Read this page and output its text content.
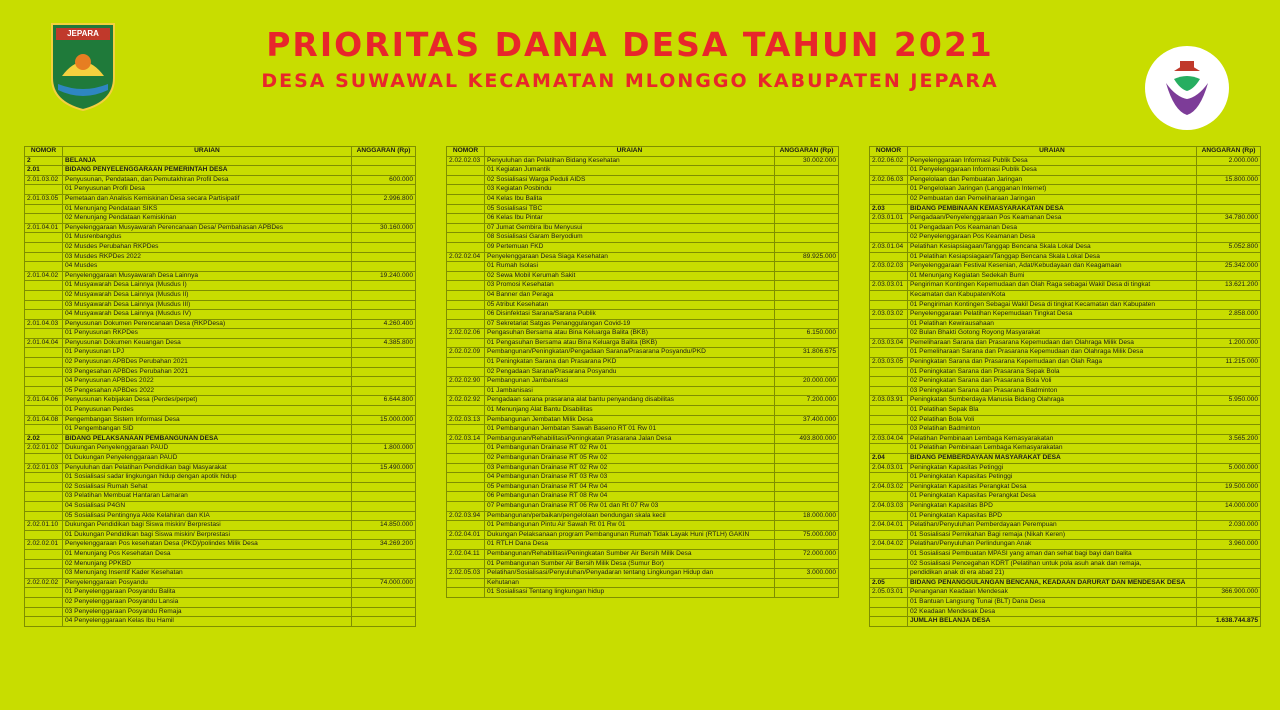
JEPARA	PRIORITAS DANA DESA TAHUN 2021
DESA SUWAWAL KECAMATAN MLONGGO KABUPATEN JEPARA
NOMOR	URAIAN	ANGGARAN (Rp)
2	BELANJA	
2.01	BIDANG PENYELENGGARAAN PEMERINTAH DESA	
2.01.03.02	Penyusunan, Pendataan, dan Pemutakhiran Profil Desa	600.000
	01 Penyusunan Profil Desa	
2.01.03.05	Pemetaan dan Analisis Kemiskinan Desa secara Partisipatif	2.996.800
	01 Menunjang Pendataan SIKS	
	02 Menunjang Pendataan Kemiskinan	
2.01.04.01	Penyelenggaraan Musyawarah Perencanaan Desa/ Pembahasan APBDes	30.160.000
	01 Musrenbangdus	
	02 Musdes Perubahan RKPDes	
	03 Musdes RKPDes 2022	
	04 Musdes	
2.01.04.02	Penyelenggaraan Musyawarah Desa Lainnya	19.240.000
	01 Musyawarah Desa Lainnya (Musdus I)	
	02 Musyawarah Desa Lainnya (Musdus II)	
	03 Musyawarah Desa Lainnya (Musdus III)	
	04 Musyawarah Desa Lainnya (Musdus IV)	
2.01.04.03	Penyusunan Dokumen Perencanaan Desa (RKPDesa)	4.260.400
	01 Penyusunan RKPDes	
2.01.04.04	Penyusunan Dokumen Keuangan Desa	4.385.800
	01 Penyusunan LPJ	
	02 Penyusunan APBDes Perubahan 2021	
	03 Pengesahan APBDes Perubahan 2021	
	04 Penyusunan APBDes 2022	
	05 Pengesahan APBDes 2022	
2.01.04.06	Penyusunan Kebijakan Desa (Perdes/perpet)	6.644.800
	01 Penyusunan Perdes	
2.01.04.08	Pengembangan Sistem Informasi Desa	15.000.000
	01 Pengembangan SID	
2.02	BIDANG PELAKSANAAN PEMBANGUNAN DESA	
2.02.01.02	Dukungan Penyelenggaraan PAUD	1.800.000
	01 Dukungan Penyelenggaraan PAUD	
2.02.01.03	Penyuluhan dan Pelatihan Pendidikan bagi Masyarakat	15.490.000
	01 Sosialisasi sadar lingkungan hidup dengan apotik hidup	
	02 Sosialisasi Rumah Sehat	
	03 Pelatihan Membuat Hantaran Lamaran	
	04 Sosialisasi P4GN	
	05 Sosialisasi Pentingnya Akte Kelahiran dan KIA	
2.02.01.10	Dukungan Pendidikan bagi Siswa miskin/ Berprestasi	14.850.000
	01 Dukungan Pendidikan bagi Siswa miskin/ Berprestasi	
2.02.02.01	Penyelenggaraan Pos kesehatan Desa (PKD)/polindes Milik Desa	34.269.200
	01 Menunjang Pos Kesehatan Desa	
	02 Menunjang PPKBD	
	03 Menunjang Insentif Kader Kesehatan	
2.02.02.02	Penyelenggaraan Posyandu	74.000.000
	01 Penyelenggaraan Posyandu Balita	
	02 Penyelenggaraan Posyandu Lansia	
	03 Penyelenggaraan Posyandu Remaja	
	04 Penyelenggaraan Kelas Ibu Hamil	
NOMOR	URAIAN	ANGGARAN (Rp)
2.02.02.03	Penyuluhan dan Pelatihan Bidang Kesehatan	30.002.000
	01 Kegiatan Jumantik	
	02 Sosialisasi Warga Peduli AIDS	
	03 Kegiatan Posbindu	
	04 Kelas Ibu Balita	
	05 Sosialisasi TBC	
	06 Kelas Ibu Pintar	
	07 Jumat Gembira Ibu Menyusui	
	08 Sosialisasi Garam Beryodium	
	09 Pertemuan FKD	
2.02.02.04	Penyelenggaraan Desa Siaga Kesehatan	89.925.000
	01 Rumah Isolasi	
	02 Sewa Mobil Kerumah Sakit	
	03 Promosi Kesehatan	
	04 Banner dan Peraga	
	05 Atribut Kesehatan	
	06 Disinfektasi Sarana/Sarana Publik	
	07 Sekretariat Satgas Penanggulangan Covid-19	
2.02.02.06	Pengasuhan Bersama atau Bina Keluarga Balita (BKB)	6.150.000
	01 Pengasuhan Bersama atau Bina Keluarga Balita (BKB)	
2.02.02.09	Pembangunan/Peningkatan/Pengadaan Sarana/Prasarana Posyandu/PKD	31.806.675
	01 Peningkatan Sarana dan Prasarana PKD	
	02 Pengadaan Sarana/Prasarana Posyandu	
2.02.02.90	Pembangunan Jambanisasi	20.000.000
	01 Jambanisasi	
2.02.02.92	Pengadaan sarana prasarana alat bantu penyandang disabilitas	7.200.000
	01 Menunjang Alat Bantu Disabilitas	
2.02.03.13	Pembangunan Jembatan Milik Desa	37.400.000
	01 Pembangunan Jembatan Sawah Baseno RT 01 Rw 01	
2.02.03.14	Pembangunan/Rehabilitasi/Peningkatan Prasarana Jalan Desa	493.800.000
	01 Pembangunan Drainase RT 02 Rw 01	
	02 Pembangunan Drainase RT 05 Rw 02	
	03 Pembangunan Drainase RT 02 Rw 02	
	04 Pembangunan Drainase RT 03 Rw 03	
	05 Pembangunan Drainase RT 04 Rw 04	
	06 Pembangunan Drainase RT 08 Rw 04	
	07 Pembangunan Drainase RT 06 Rw 01 dan Rt 07 Rw 03	
2.02.03.94	Pembangunan/perbaikan/pengelolaan bendungan skala kecil	18.000.000
	01 Pembangunan Pintu Air Sawah Rt 01 Rw 01	
2.02.04.01	Dukungan Pelaksanaan program Pembangunan Rumah Tidak Layak Huni (RTLH) GAKIN	75.000.000
	01 RTLH Dana Desa	
2.02.04.11	Pembangunan/Rehabilitasi/Peningkatan Sumber Air Bersih Milik Desa	72.000.000
	01 Pembangunan Sumber Air Bersih Milik Desa (Sumur Bor)	
2.02.05.03	Pelatihan/Sosialisasi/Penyuluhan/Penyadaran tentang Lingkungan Hidup dan	3.000.000
	Kehutanan	
	01 Sosialisasi Tentang lingkungan hidup	
NOMOR	URAIAN	ANGGARAN (Rp)
2.02.06.02	Penyelenggaraan Informasi Publik Desa	2.000.000
	01 Penyelenggaraan Informasi Publik Desa	
2.02.06.03	Pengelolaan dan Pembuatan Jaringan	15.800.000
	01 Pengelolaan Jaringan (Langganan Internet)	
	02 Pembuatan dan Pemeliharaan Jaringan	
2.03	BIDANG PEMBINAAN KEMASYARAKATAN DESA	
2.03.01.01	Pengadaan/Penyelenggaraan Pos Keamanan Desa	34.780.000
	01 Pengadaan Pos Keamanan Desa	
	02 Penyelenggaraan Pos Keamanan Desa	
2.03.01.04	Pelatihan Kesiapsiagaan/Tanggap Bencana Skala Lokal Desa	5.052.800
	01 Pelatihan Kesiapsiagaan/Tanggap Bencana Skala Lokal Desa	
2.03.02.03	Penyelenggaraan Festival Kesenian, Adat/Kebudayaan dan Keagamaan	25.342.000
	01 Menunjang Kegiatan Sedekah Bumi	
2.03.03.01	Pengiriman Kontingen Kepemudaan dan Olah Raga sebagai Wakil Desa di tingkat	13.621.200
	Kecamatan dan Kabupaten/Kota	
	01 Pengiriman Kontingen Sebagai Wakil Desa di tingkat Kecamatan dan Kabupaten	
2.03.03.02	Penyelenggaraan Pelatihan Kepemudaan Tingkat Desa	2.858.000
	01 Pelatihan Kewirausahaan	
	02 Bulan Bhakti Gotong Royong Masyarakat	
2.03.03.04	Pemeliharaan Sarana dan Prasarana Kepemudaan dan Olahraga Milik Desa	1.200.000
	01 Pemeliharaan Sarana dan Prasarana Kepemudaan dan Olahraga Milik Desa	
2.03.03.05	Peningkatan Sarana dan Prasarana Kepemudaan dan Olah Raga	11.215.000
	01 Peningkatan Sarana dan Prasarana Sepak Bola	
	02 Peningkatan Sarana dan Prasarana Bola Voli	
	03 Peningkatan Sarana dan Prasarana Badminton	
2.03.03.91	Peningkatan Sumberdaya Manusia Bidang Olahraga	5.950.000
	01 Pelatihan Sepak Bla	
	02 Pelatihan Bola Voli	
	03 Pelatihan Badminton	
2.03.04.04	Pelatihan Pembinaan Lembaga Kemasyarakatan	3.565.200
	01 Pelatihan Pembinaan Lembaga Kemasyarakatan	
2.04	BIDANG PEMBERDAYAAN MASYARAKAT DESA	
2.04.03.01	Peningkatan Kapasitas Petinggi	5.000.000
	01 Peningkatan Kapasitas Petinggi	
2.04.03.02	Peningkatan Kapasitas Perangkat Desa	19.500.000
	01 Peningkatan Kapasitas Perangkat Desa	
2.04.03.03	Peningkatan Kapasitas BPD	14.000.000
	01 Peningkatan Kapasitas BPD	
2.04.04.01	Pelatihan/Penyuluhan Pemberdayaan Perempuan	2.030.000
	01 Sosialisasi Pernikahan Bagi remaja (Nikah Keren)	
2.04.04.02	Pelatihan/Penyuluhan Perlindungan Anak	3.960.000
	01 Sosialisasi Pembuatan MPASI yang aman dan sehat bagi bayi dan balita	
	02 Sosialisasi Pencegahan KDRT (Pelatihan untuk pola asuh anak dan remaja,	
	pendidikan anak di era abad 21)	
2.05	BIDANG PENANGGULANGAN BENCANA, KEADAAN DARURAT DAN MENDESAK DESA	
2.05.03.01	Penanganan Keadaan Mendesak	366.900.000
	01 Bantuan Langsung Tunai (BLT) Dana Desa	
	02 Keadaan Mendesak Desa	
	JUMLAH BELANJA DESA	1.638.744.875
